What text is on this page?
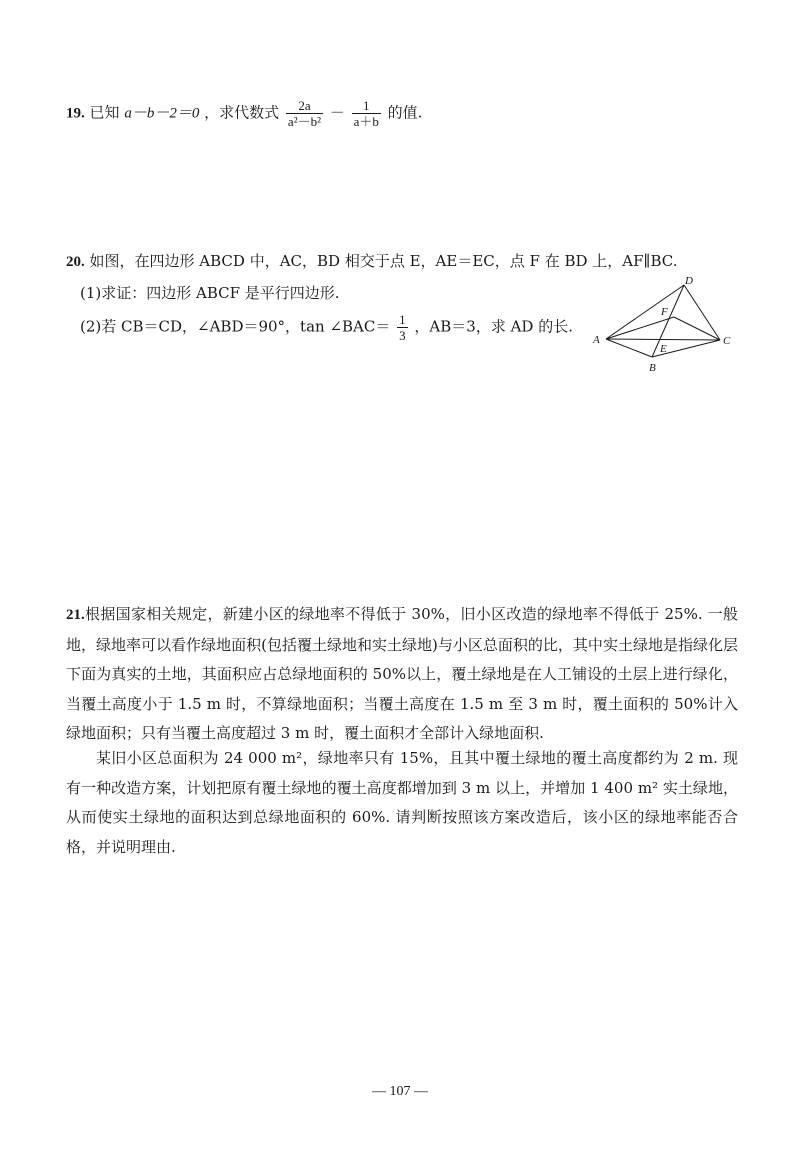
19. 已知 a－b－2＝0 ，求代数式 $\frac{2a}{\text{a²－b²}} - \frac{1}{a+b}$ 的值.
20. 如图，在四边形 ABCD 中，AC，BD 相交于点 E，AE＝EC，点 F 在 BD 上，AF∥BC.
(1)求证：四边形 ABCF 是平行四边形.
(2)若 CB＝CD，∠ABD＝90°，tan ∠BAC＝ $\frac{1}{3}$ ，AB＝3，求 AD 的长.
A
B
C
D
E
F
21.根据国家相关规定，新建小区的绿地率不得低于 30%，旧小区改造的绿地率不得低于 25%. 一般地，绿地率可以看作绿地面积(包括覆土绿地和实土绿地)与小区总面积的比，其中实土绿地是指绿化层下面为真实的土地，其面积应占总绿地面积的 50%以上，覆土绿地是在人工铺设的土层上进行绿化，当覆土高度小于 1.5 m 时，不算绿地面积；当覆土高度在 1.5 m 至 3 m 时，覆土面积的 50%计入绿地面积；只有当覆土高度超过 3 m 时，覆土面积才全部计入绿地面积.
某旧小区总面积为 24 000 m²，绿地率只有 15%，且其中覆土绿地的覆土高度都约为 2 m. 现有一种改造方案，计划把原有覆土绿地的覆土高度都增加到 3 m 以上，并增加 1 400 m² 实土绿地，从而使实土绿地的面积达到总绿地面积的 60%. 请判断按照该方案改造后，该小区的绿地率能否合格，并说明理由.
— 107 —
